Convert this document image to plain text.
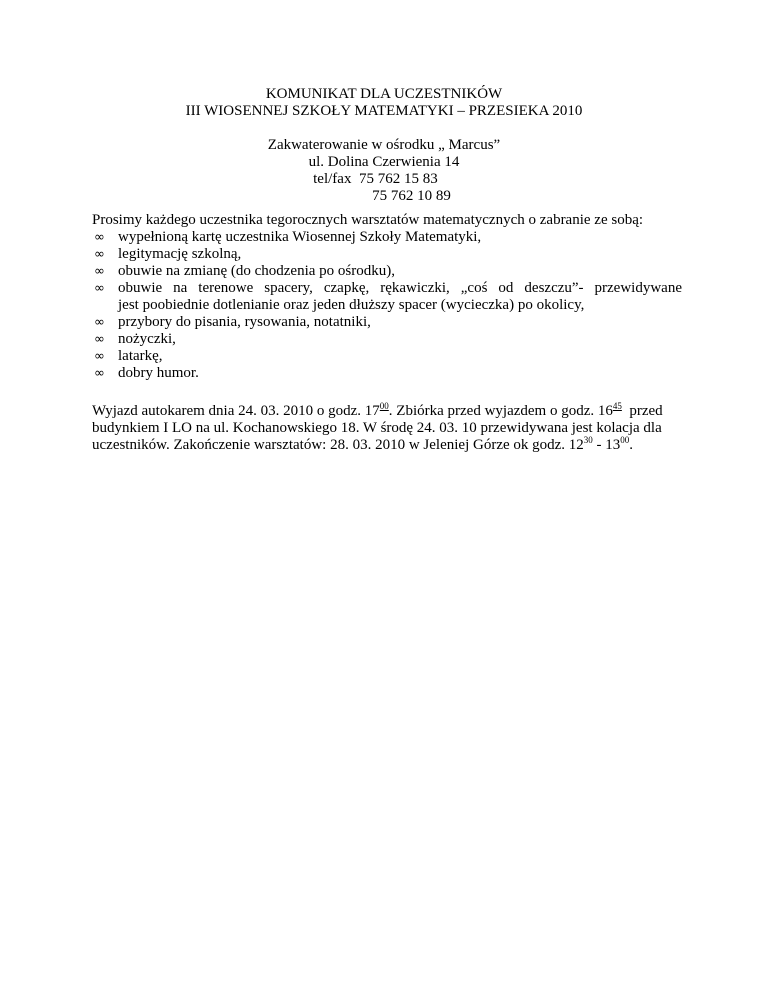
KOMUNIKAT DLA UCZESTNIKÓW
III WIOSENNEJ SZKOŁY MATEMATYKI – PRZESIEKA 2010
Zakwaterowanie w ośrodku „ Marcus”
ul. Dolina Czerwienia 14
tel/fax 75 762 15 83
75 762 10 89
Prosimy każdego uczestnika tegorocznych warsztatów matematycznych o zabranie ze sobą:
∞ wypełnioną kartę uczestnika Wiosennej Szkoły Matematyki,
∞ legitymację szkolną,
∞ obuwie na zmianę (do chodzenia po ośrodku),
∞ obuwie na terenowe spacery, czapkę, rękawiczki, „coś od deszczu”- przewidywane
jest poobiednie dotlenianie oraz jeden dłuższy spacer (wycieczka) po okolicy,
∞ przybory do pisania, rysowania, notatniki,
∞ nożyczki,
∞ latarkę,
∞ dobry humor.
Wyjazd autokarem dnia 24. 03. 2010 o godz. $17^{00}$. Zbiórka przed wyjazdem o godz. $16^{45}$  przed
budynkiem I LO na ul. Kochanowskiego 18. W środę 24. 03. 10 przewidywana jest kolacja dla
uczestników. Zakończenie warsztatów: 28. 03. 2010 w Jeleniej Górze ok godz. $12^{30} - 13^{00}$.
